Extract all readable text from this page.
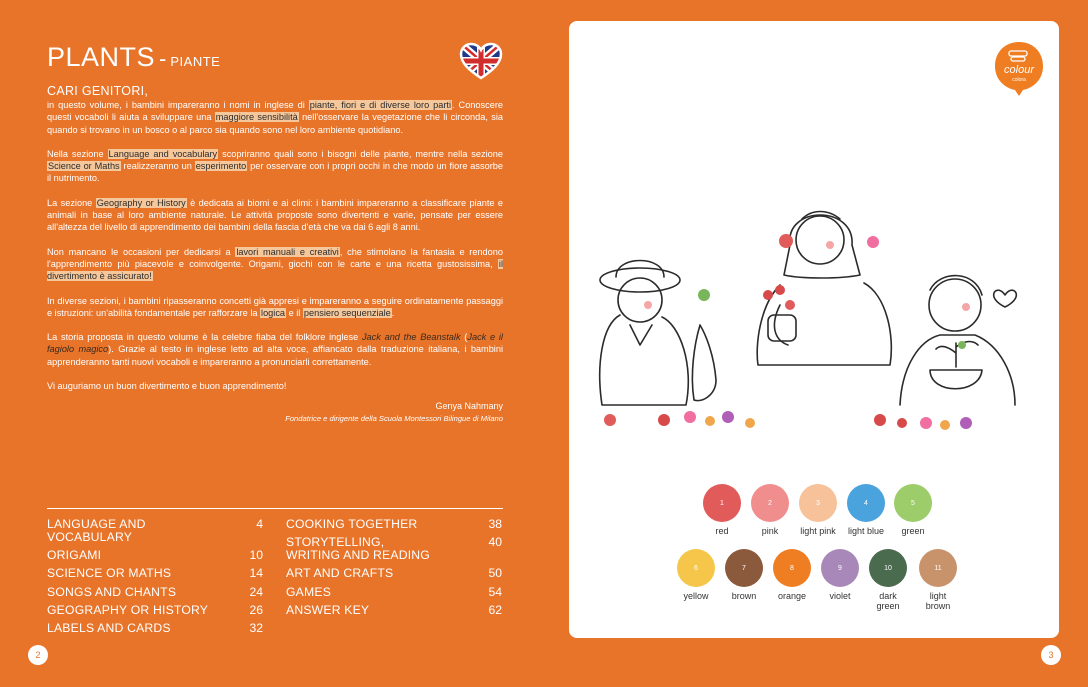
PLANTS - PIANTE
CARI GENITORI,

in questo volume, i bambini impareranno i nomi in inglese di piante, fiori e di diverse loro parti. Conoscere questi vocaboli li aiuta a sviluppare una maggiore sensibilità nell'osservare la vegetazione che li circonda, sia quando si trovano in un bosco o al parco sia quando sono nel loro ambiente quotidiano.

Nella sezione Language and vocabulary scopriranno quali sono i bisogni delle piante, mentre nella sezione Science or Maths realizzeranno un esperimento per osservare con i propri occhi in che modo un fiore assorbe il nutrimento.

La sezione Geography or History è dedicata ai biomi e ai climi: i bambini impareranno a classificare piante e animali in base al loro ambiente naturale. Le attività proposte sono divertenti e varie, pensate per essere all'altezza del livello di apprendimento dei bambini della fascia d'età che va dai 6 agli 8 anni.

Non mancano le occasioni per dedicarsi a lavori manuali e creativi, che stimolano la fantasia e rendono l'apprendimento più piacevole e coinvolgente. Origami, giochi con le carte e una ricetta gustosissima, il divertimento è assicurato!

In diverse sezioni, i bambini ripasseranno concetti già appresi e impareranno a seguire ordinatamente passaggi e istruzioni: un'abilità fondamentale per rafforzare la logica e il pensiero sequenziale.

La storia proposta in questo volume è la celebre fiaba del folklore inglese Jack and the Beanstalk (Jack e il fagiolo magico). Grazie al testo in inglese letto ad alta voce, affiancato dalla traduzione italiana, i bambini apprenderanno tanti nuovi vocaboli e impareranno a pronunciarli correttamente.

Vi auguriamo un buon divertimento e buon apprendimento!

Genya Nahmany
Fondatrice e dirigente della Scuola Montessori Bilingue di Milano
LANGUAGE AND VOCABULARY
4
ORIGAMI	10
SCIENCE OR MATHS	14
SONGS AND CHANTS	24
GEOGRAPHY OR HISTORY	26
LABELS AND CARDS	32
COOKING TOGETHER	38
STORYTELLING, WRITING AND READING
40
ART AND CRAFTS	50
GAMES	54
ANSWER KEY	62
2
colour
colora
1
red
2
pink
3
light pink
4
light blue
5
green
6
yellow
7
brown
8
orange
9
violet
10
dark green
11
light brown
3
